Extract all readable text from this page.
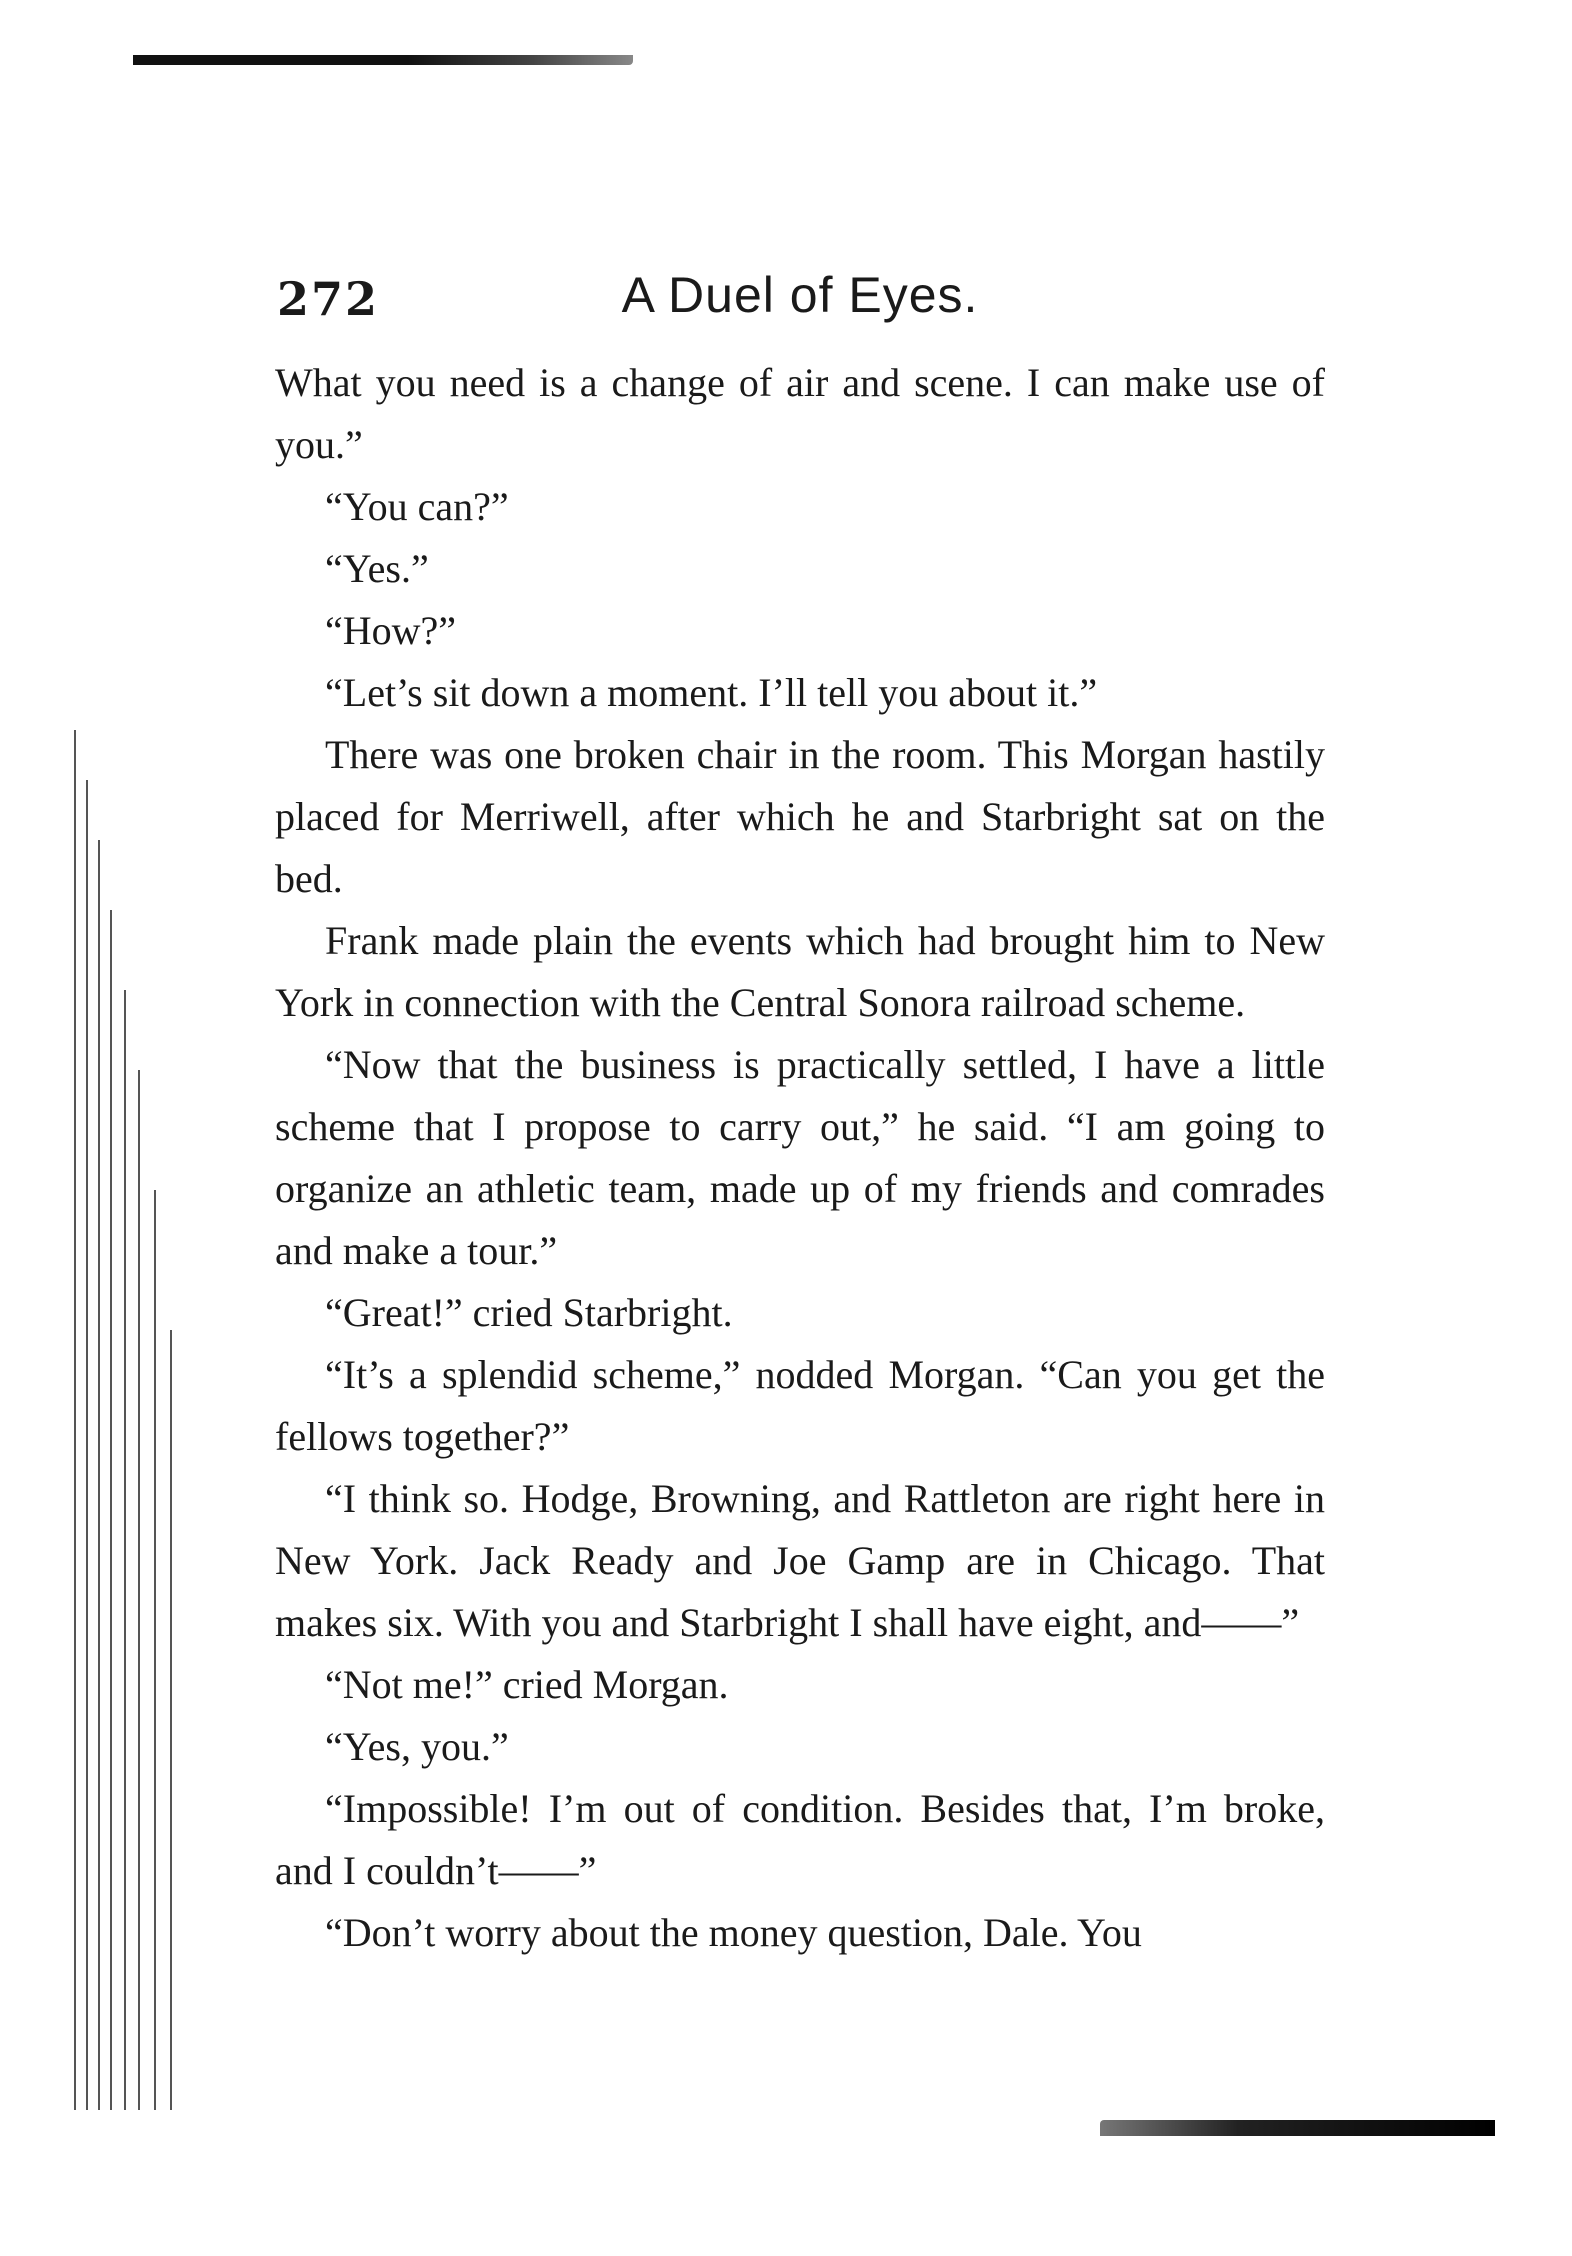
272	A Duel of Eyes.

What you need is a change of air and scene. I can make use of you.”

“You can?”

“Yes.”

“How?”

“Let’s sit down a moment. I’ll tell you about it.”

There was one broken chair in the room. This Morgan hastily placed for Merriwell, after which he and Starbright sat on the bed.

Frank made plain the events which had brought him to New York in connection with the Central Sonora railroad scheme.

“Now that the business is practically settled, I have a little scheme that I propose to carry out,” he said. “I am going to organize an athletic team, made up of my friends and comrades and make a tour.”

“Great!” cried Starbright.

“It’s a splendid scheme,” nodded Morgan. “Can you get the fellows together?”

“I think so. Hodge, Browning, and Rattleton are right here in New York. Jack Ready and Joe Gamp are in Chicago. That makes six. With you and Starbright I shall have eight, and——”

“Not me!” cried Morgan.

“Yes, you.”

“Impossible! I’m out of condition. Besides that, I’m broke, and I couldn’t——”

“Don’t worry about the money question, Dale. You
